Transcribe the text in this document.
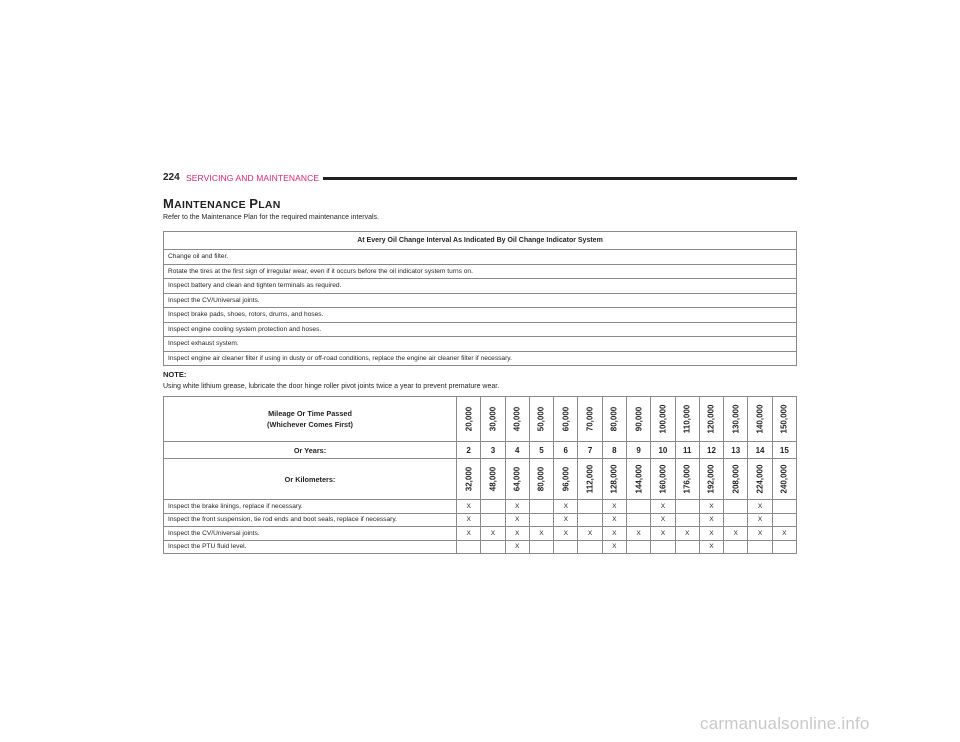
224 SERVICING AND MAINTENANCE
MAINTENANCE PLAN
Refer to the Maintenance Plan for the required maintenance intervals.
At Every Oil Change Interval As Indicated By Oil Change Indicator System
Change oil and filter.
Rotate the tires at the first sign of irregular wear, even if it occurs before the oil indicator system turns on.
Inspect battery and clean and tighten terminals as required.
Inspect the CV/Universal joints.
Inspect brake pads, shoes, rotors, drums, and hoses.
Inspect engine cooling system protection and hoses.
Inspect exhaust system.
Inspect engine air cleaner filter if using in dusty or off-road conditions, replace the engine air cleaner filter if necessary.
NOTE:
Using white lithium grease, lubricate the door hinge roller pivot joints twice a year to prevent premature wear.
Mileage Or Time Passed
(Whichever Comes First)	20,000	30,000	40,000	50,000	60,000	70,000	80,000	90,000	100,000	110,000	120,000	130,000	140,000	150,000

Or Years:	2	3	4	5	6	7	8	9	10	11	12	13	14	15
Or Kilometers:	32,000	48,000	64,000	80,000	96,000	112,000	128,000	144,000	160,000	176,000	192,000	208,000	224,000	240,000

Inspect the brake linings, replace if necessary.	X		X		X		X		X		X		X	
Inspect the front suspension, tie rod ends and boot seals, replace if necessary.	X		X		X		X		X		X		X	
Inspect the CV/Universal joints.	X	X	X	X	X	X	X	X	X	X	X	X	X	X
Inspect the PTU fluid level.			X				X				X			
carmanualsonline.info
